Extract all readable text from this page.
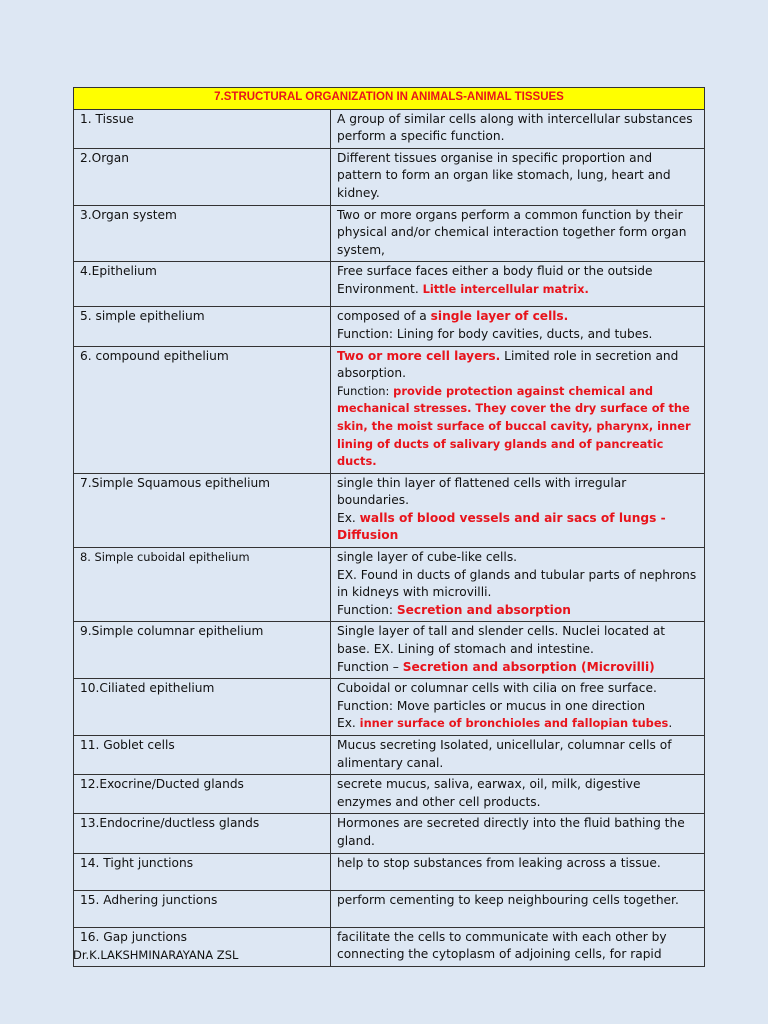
7.STRUCTURAL ORGANIZATION IN ANIMALS-ANIMAL TISSUES	
1. Tissue	A group of similar cells along with intercellular substances perform a specific function.
2.Organ	Different tissues organise in specific proportion and pattern to form an organ like stomach, lung, heart and kidney.
3.Organ system	Two or more organs perform a common function by their physical and/or chemical interaction together form organ system,
4.Epithelium	Free surface faces either a body fluid or the outside Environment. Little intercellular matrix.
5. simple epithelium	composed of a single layer of cells.
Function: Lining for body cavities, ducts, and tubes.
6. compound epithelium	Two or more cell layers. Limited role in secretion and absorption.
Function: provide protection against chemical and mechanical stresses. They cover the dry surface of the skin, the moist surface of buccal cavity, pharynx, inner lining of ducts of salivary glands and of pancreatic ducts.
7.Simple Squamous epithelium	single thin layer of flattened cells with irregular boundaries.
Ex. walls of blood vessels and air sacs of lungs - Diffusion
8. Simple cuboidal epithelium	single layer of cube-like cells.
EX. Found in ducts of glands and tubular parts of nephrons in kidneys with microvilli.
Function: Secretion and absorption
9.Simple columnar epithelium	Single layer of tall and slender cells. Nuclei located at base. EX. Lining of stomach and intestine.
Function – Secretion and absorption (Microvilli)
10.Ciliated epithelium	Cuboidal or columnar cells with cilia on free surface.
Function: Move particles or mucus in one direction
Ex. inner surface of bronchioles and fallopian tubes.
11. Goblet cells	Mucus secreting Isolated, unicellular, columnar cells of alimentary canal.
12.Exocrine/Ducted glands	secrete mucus, saliva, earwax, oil, milk, digestive enzymes and other cell products.
13.Endocrine/ductless glands	Hormones are secreted directly into the fluid bathing the gland.
14. Tight junctions	help to stop substances from leaking across a tissue.
15. Adhering junctions	perform cementing to keep neighbouring cells together.
16. Gap junctions	facilitate the cells to communicate with each other by connecting the cytoplasm of adjoining cells, for rapid
Dr.K.LAKSHMINARAYANA ZSL
